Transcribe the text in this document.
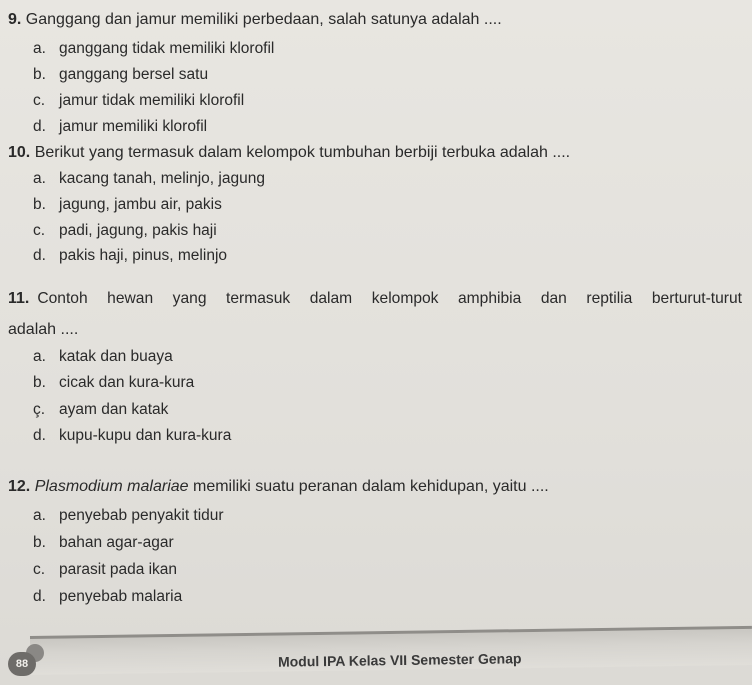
9. Ganggang dan jamur memiliki perbedaan, salah satunya adalah ....
a. ganggang tidak memiliki klorofil
b. ganggang bersel satu
c. jamur tidak memiliki klorofil
d. jamur memiliki klorofil
10. Berikut yang termasuk dalam kelompok tumbuhan berbiji terbuka adalah ....
a. kacang tanah, melinjo, jagung
b. jagung, jambu air, pakis
c. padi, jagung, pakis haji
d. pakis haji, pinus, melinjo
11. Contoh hewan yang termasuk dalam kelompok amphibia dan reptilia berturut-turut
adalah ....
a. katak dan buaya
b. cicak dan kura-kura
ç. ayam dan katak
d. kupu-kupu dan kura-kura
12. Plasmodium malariae memiliki suatu peranan dalam kehidupan, yaitu ....
a. penyebab penyakit tidur
b. bahan agar-agar
c. parasit pada ikan
d. penyebab malaria
88	Modul IPA Kelas VII Semester Genap
